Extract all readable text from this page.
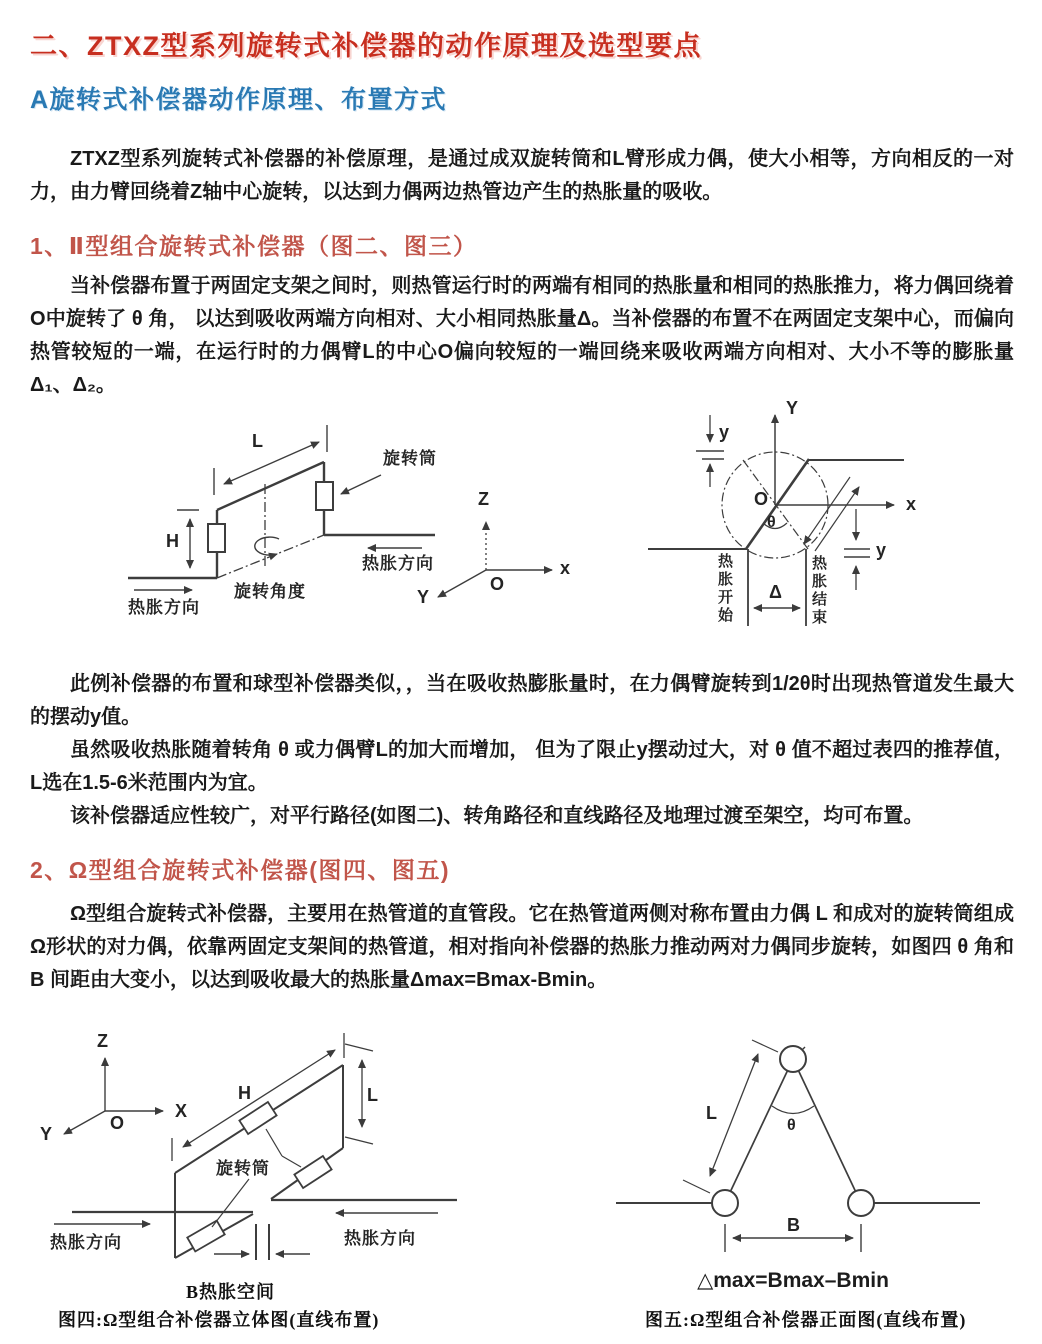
二、ZTXZ型系列旋转式补偿器的动作原理及选型要点
A旋转式补偿器动作原理、布置方式

ZTXZ型系列旋转式补偿器的补偿原理，是通过成双旋转筒和L臂形成力偶，使大小相等，方向相反的一对力，由力臂回绕着Z轴中心旋转，以达到力偶两边热管边产生的热胀量的吸收。

1、Ⅱ型组合旋转式补偿器（图二、图三）

当补偿器布置于两固定支架之间时，则热管运行时的两端有相同的热胀量和相同的热胀推力，将力偶回绕着O中旋转了 θ 角， 以达到吸收两端方向相对、大小相同热胀量Δ。当补偿器的布置不在两固定支架中心，而偏向热管较短的一端，在运行时的力偶臂L的中心O偏向较短的一端回绕来吸收两端方向相对、大小不等的膨胀量Δ₁、Δ₂。

L
旋转筒
H
热胀方向
旋转角度
热胀方向
Z
x
O
Y
Y
x
O
θ
Δ
y
y
热胀开始	热胀结束

此例补偿器的布置和球型补偿器类似，，当在吸收热膨胀量时，在力偶臂旋转到1/2θ时出现热管道发生最大的摆动y值。

虽然吸收热胀随着转角 θ 或力偶臂L的加大而增加， 但为了限止y摆动过大，对 θ 值不超过表四的推荐值，L选在1.5-6米范围内为宜。

该补偿器适应性较广，对平行路径(如图二)、转角路径和直线路径及地理过渡至架空，均可布置。

2、Ω型组合旋转式补偿器(图四、图五)

Ω型组合旋转式补偿器，主要用在热管道的直管段。它在热管道两侧对称布置由力偶 L 和成对的旋转筒组成Ω形状的对力偶，依靠两固定支架间的热管道，相对指向补偿器的热胀力推动两对力偶同步旋转，如图四 θ 角和 B 间距由大变小，以达到吸收最大的热胀量Δmax=Bmax-Bmin。

Z
X
Y
O
H	L
旋转筒
热胀方向	热胀方向
B热胀空间
图四:Ω型组合补偿器立体图(直线布置)
L
θ
B
△max=Bmax–Bmin
图五:Ω型组合补偿器正面图(直线布置)
